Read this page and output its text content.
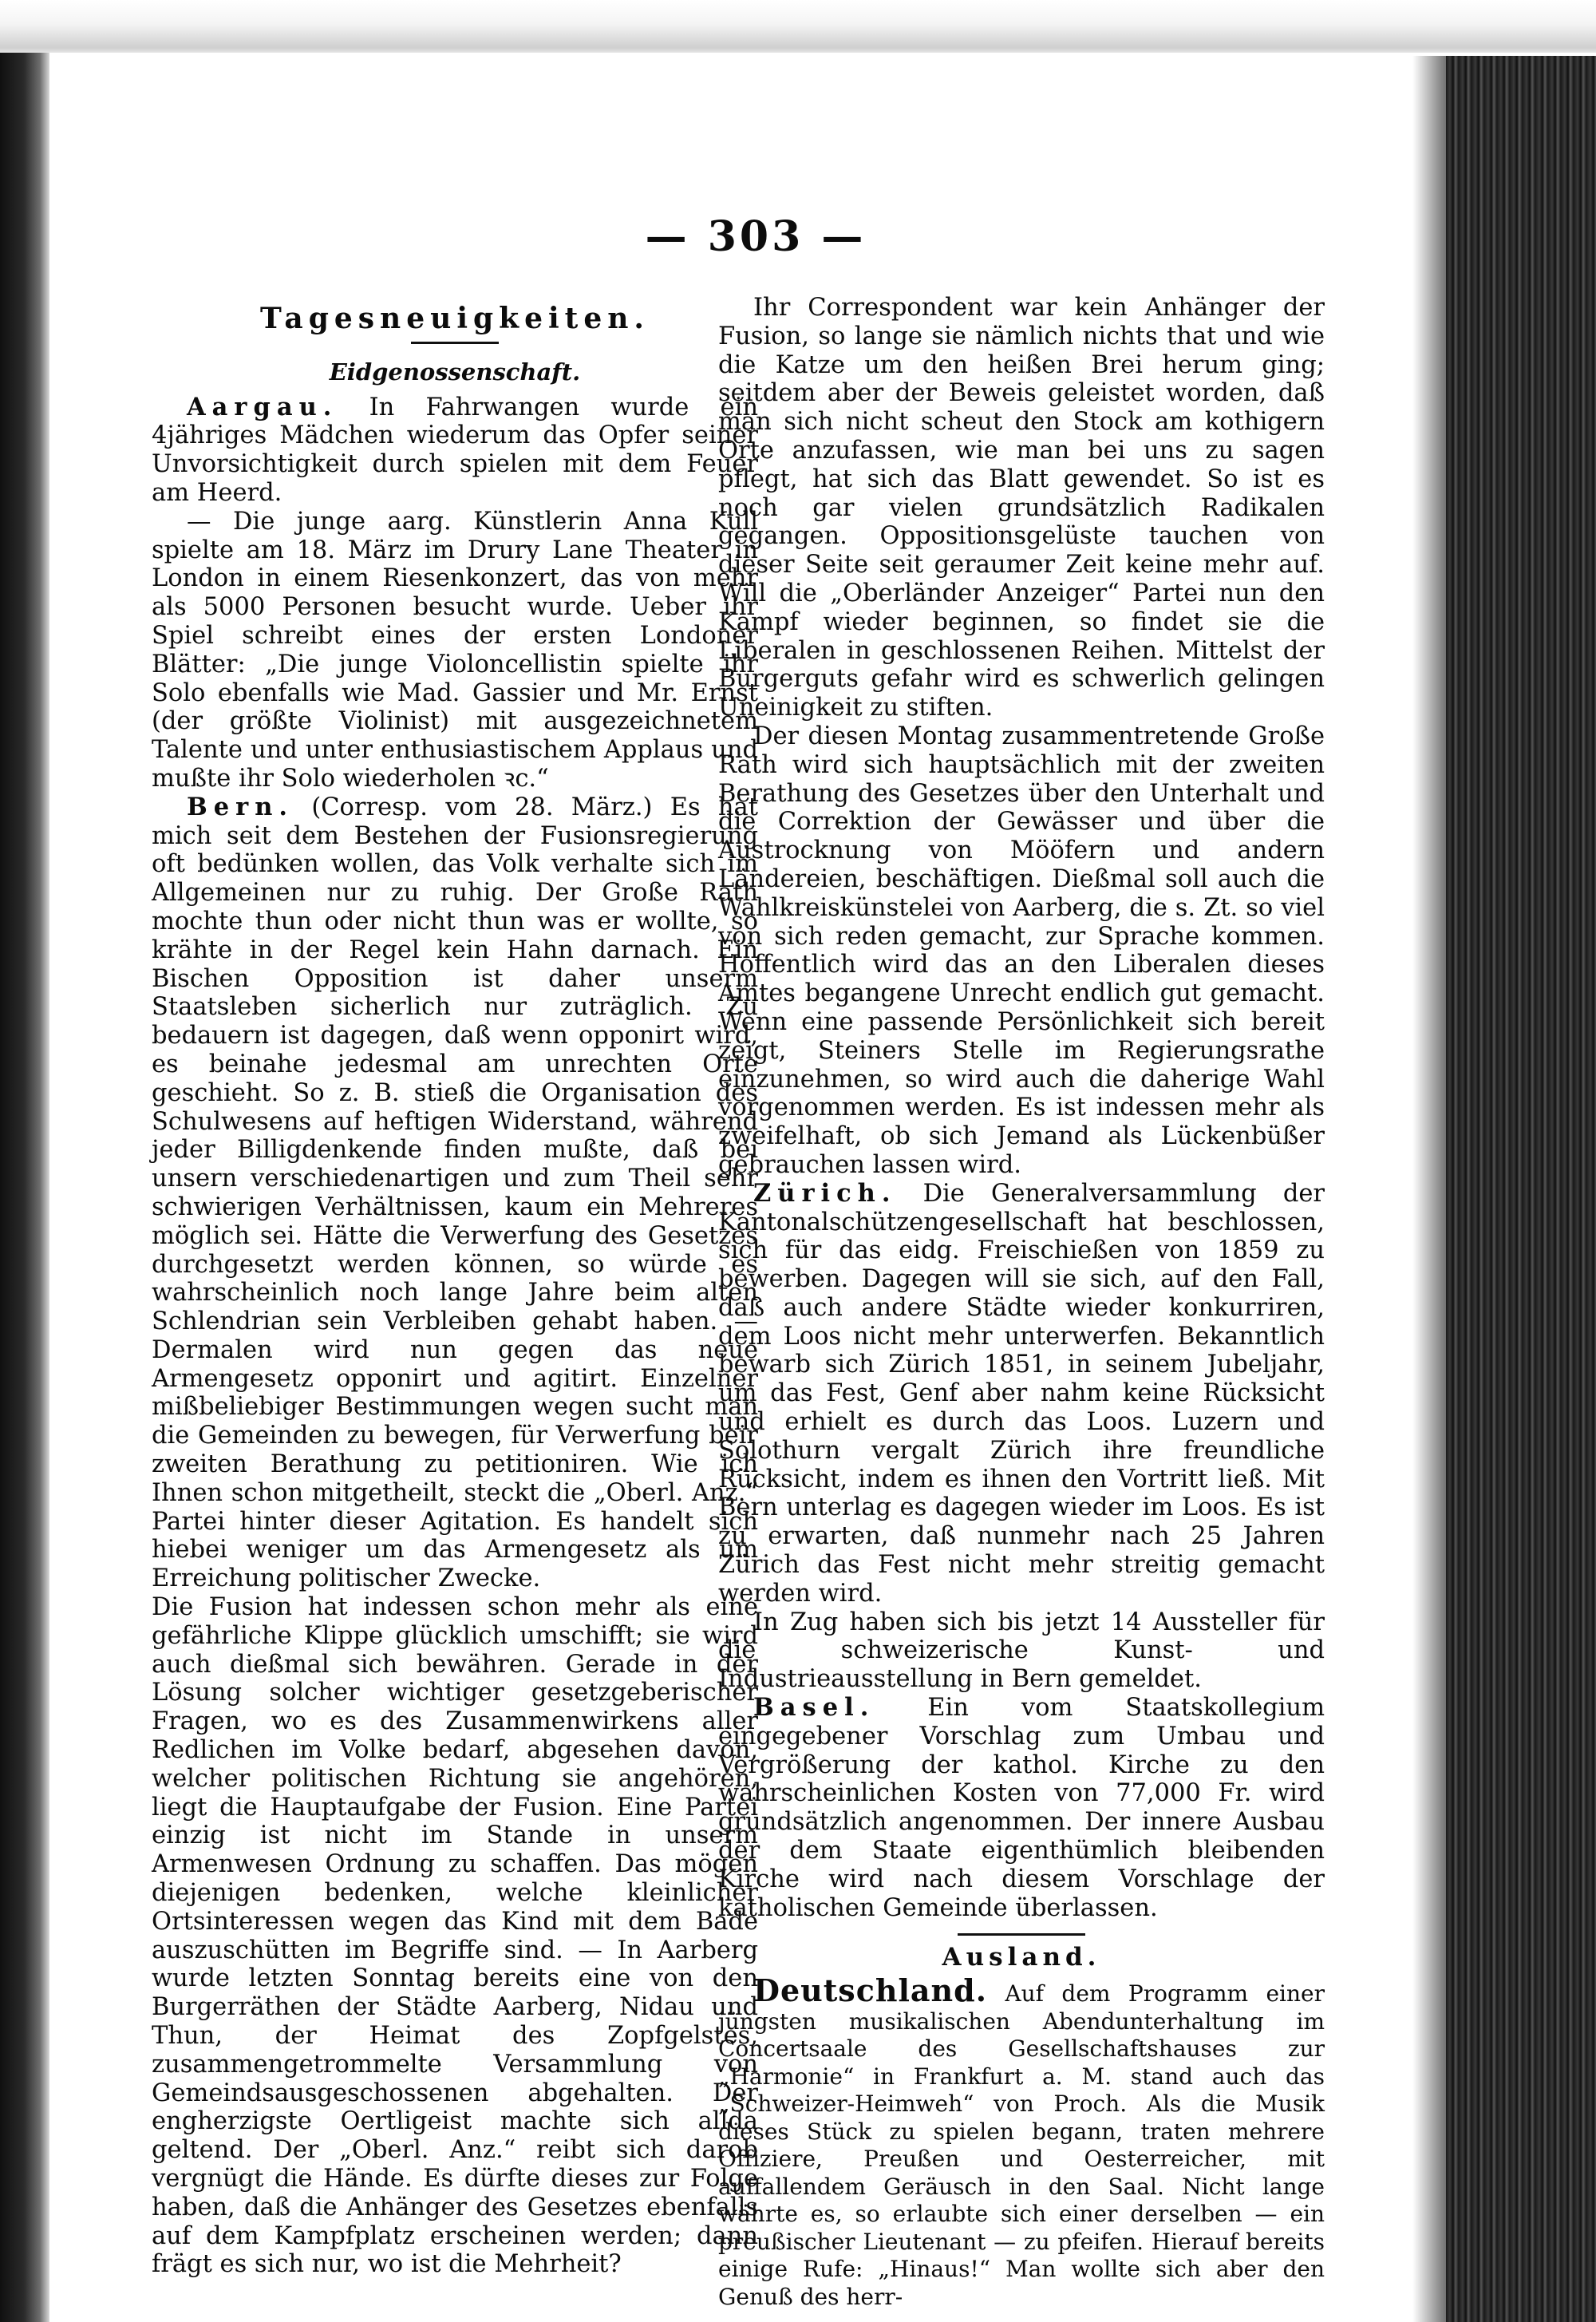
— 303 —
Tagesneuigkeiten.
Eidgenossenschaft.

Aargau. In Fahrwangen wurde ein 4jähriges Mädchen wiederum das Opfer seiner Unvorsichtigkeit durch spielen mit dem Feuer am Heerd.

— Die junge aarg. Künstlerin Anna Kull spielte am 18. März im Drury Lane Theater in London in einem Riesenkonzert, das von mehr als 5000 Personen besucht wurde. Ueber ihr Spiel schreibt eines der ersten Londoner Blätter: „Die junge Violoncellistin spielte ihr Solo ebenfalls wie Mad. Gassier und Mr. Ernst (der größte Violinist) mit ausgezeichnetem Talente und unter enthusiastischem Applaus und mußte ihr Solo wiederholen ꝛc.“

Bern. (Corresp. vom 28. März.) Es hat mich seit dem Bestehen der Fusionsregierung oft bedünken wollen, das Volk verhalte sich im Allgemeinen nur zu ruhig. Der Große Rath mochte thun oder nicht thun was er wollte, so krähte in der Regel kein Hahn darnach. Ein Bischen Opposition ist daher unserm Staatsleben sicherlich nur zuträglich. Zu bedauern ist dagegen, daß wenn opponirt wird, es beinahe jedesmal am unrechten Orte geschieht. So z. B. stieß die Organisation des Schulwesens auf heftigen Widerstand, während jeder Billigdenkende finden mußte, daß bei unsern verschiedenartigen und zum Theil sehr schwierigen Verhältnissen, kaum ein Mehreres möglich sei. Hätte die Verwerfung des Gesetzes durchgesetzt werden können, so würde es wahrscheinlich noch lange Jahre beim alten Schlendrian sein Verbleiben gehabt haben. — Dermalen wird nun gegen das neue Armengesetz opponirt und agitirt. Einzelner mißbeliebiger Bestimmungen wegen sucht man die Gemeinden zu bewegen, für Verwerfung beir zweiten Berathung zu petitioniren. Wie ich Ihnen schon mitgetheilt, steckt die „Oberl. Anz.“ Partei hinter dieser Agitation. Es handelt sich hiebei weniger um das Armengesetz als um Erreichung politischer Zwecke.

Die Fusion hat indessen schon mehr als eine gefährliche Klippe glücklich umschifft; sie wird auch dießmal sich bewähren. Gerade in der Lösung solcher wichtiger gesetzgeberischer Fragen, wo es des Zusammenwirkens aller Redlichen im Volke bedarf, abgesehen davon, welcher politischen Richtung sie angehören, liegt die Hauptaufgabe der Fusion. Eine Partei einzig ist nicht im Stande in unserm Armenwesen Ordnung zu schaffen. Das mögen diejenigen bedenken, welche kleinlicher Ortsinteressen wegen das Kind mit dem Bade auszuschütten im Begriffe sind. — In Aarberg wurde letzten Sonntag bereits eine von den Burgerräthen der Städte Aarberg, Nidau und Thun, der Heimat des Zopfgelstes, zusammengetrommelte Versammlung von Gemeindsausgeschossenen abgehalten. Der engherzigste Oertligeist machte sich allda geltend. Der „Oberl. Anz.“ reibt sich darob vergnügt die Hände. Es dürfte dieses zur Folge haben, daß die Anhänger des Gesetzes ebenfalls auf dem Kampfplatz erscheinen werden; dann frägt es sich nur, wo ist die Mehrheit?

Ihr Correspondent war kein Anhänger der Fusion, so lange sie nämlich nichts that und wie die Katze um den heißen Brei herum ging; seitdem aber der Beweis geleistet worden, daß man sich nicht scheut den Stock am kothigern Orte anzufassen, wie man bei uns zu sagen pflegt, hat sich das Blatt gewendet. So ist es noch gar vielen grundsätzlich Radikalen gegangen. Oppositionsgelüste tauchen von dieser Seite seit geraumer Zeit keine mehr auf. Will die „Oberländer Anzeiger“ Partei nun den Kampf wieder beginnen, so findet sie die Liberalen in geschlossenen Reihen. Mittelst der Burgerguts gefahr wird es schwerlich gelingen Uneinigkeit zu stiften.

Der diesen Montag zusammentretende Große Rath wird sich hauptsächlich mit der zweiten Berathung des Gesetzes über den Unterhalt und die Correktion der Gewässer und über die Austrocknung von Mööfern und andern Ländereien, beschäftigen. Dießmal soll auch die Wahlkreiskünstelei von Aarberg, die s. Zt. so viel von sich reden gemacht, zur Sprache kommen. Hoffentlich wird das an den Liberalen dieses Amtes begangene Unrecht endlich gut gemacht. Wenn eine passende Persönlichkeit sich bereit zeigt, Steiners Stelle im Regierungsrathe einzunehmen, so wird auch die daherige Wahl vorgenommen werden. Es ist indessen mehr als zweifelhaft, ob sich Jemand als Lückenbüßer gebrauchen lassen wird.

Zürich. Die Generalversammlung der Kantonalschützengesellschaft hat beschlossen, sich für das eidg. Freischießen von 1859 zu bewerben. Dagegen will sie sich, auf den Fall, daß auch andere Städte wieder konkurriren, dem Loos nicht mehr unterwerfen. Bekanntlich bewarb sich Zürich 1851, in seinem Jubeljahr, um das Fest, Genf aber nahm keine Rücksicht und erhielt es durch das Loos. Luzern und Solothurn vergalt Zürich ihre freundliche Rücksicht, indem es ihnen den Vortritt ließ. Mit Bern unterlag es dagegen wieder im Loos. Es ist zu erwarten, daß nunmehr nach 25 Jahren Zürich das Fest nicht mehr streitig gemacht werden wird.

In Zug haben sich bis jetzt 14 Aussteller für die schweizerische Kunst- und Industrieausstellung in Bern gemeldet.

Basel. Ein vom Staatskollegium eingegebener Vorschlag zum Umbau und Vergrößerung der kathol. Kirche zu den wahrscheinlichen Kosten von 77,000 Fr. wird grundsätzlich angenommen. Der innere Ausbau der dem Staate eigenthümlich bleibenden Kirche wird nach diesem Vorschlage der katholischen Gemeinde überlassen.

Ausland.

Deutschland. Auf dem Programm einer jüngsten musikalischen Abendunterhaltung im Concertsaale des Gesellschaftshauses zur „Harmonie“ in Frankfurt a. M. stand auch das „Schweizer-Heimweh“ von Proch. Als die Musik dieses Stück zu spielen begann, traten mehrere Offiziere, Preußen und Oesterreicher, mit auffallendem Geräusch in den Saal. Nicht lange währte es, so erlaubte sich einer derselben — ein preußischer Lieutenant — zu pfeifen. Hierauf bereits einige Rufe: „Hinaus!“ Man wollte sich aber den Genuß des herr-
